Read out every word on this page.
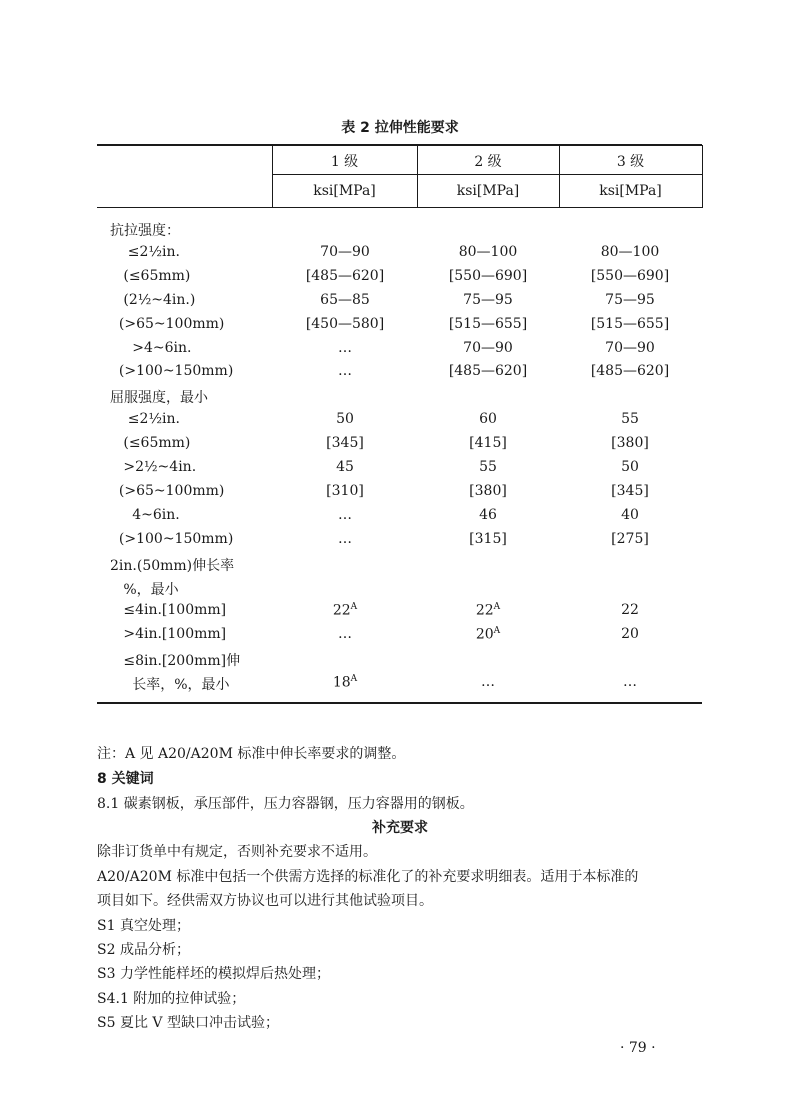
表 2 拉伸性能要求
1 级	2 级	3 级
ksi[MPa]	ksi[MPa]	ksi[MPa]
抗拉强度：
≤2½in.	70—90	80—100	80—100
(≤65mm)	[485—620]	[550—690]	[550—690]
(2½~4in.)	65—85	75—95	75—95
(>65~100mm)	[450—580]	[515—655]	[515—655]
>4~6in.	…	70—90	70—90
(>100~150mm)	…	[485—620]	[485—620]
屈服强度，最小
≤2½in.	50	60	55
(≤65mm)	[345]	[415]	[380]
>2½~4in.	45	55	50
(>65~100mm)	[310]	[380]	[345]
4~6in.	…	46	40
(>100~150mm)	…	[315]	[275]
2in.(50mm)伸长率
%，最小
≤4in.[100mm]	$22^A$	$22^A$	22
>4in.[100mm]	…	$20^A$	20
≤8in.[200mm]伸
长率，%，最小	$18^A$	…	…
注：A 见 A20/A20M 标准中伸长率要求的调整。
8 关键词
8.1 碳素钢板，承压部件，压力容器钢，压力容器用的钢板。
补充要求
除非订货单中有规定，否则补充要求不适用。
A20/A20M 标准中包括一个供需方选择的标准化了的补充要求明细表。适用于本标准的
项目如下。经供需双方协议也可以进行其他试验项目。
S1 真空处理；
S2 成品分析；
S3 力学性能样坯的模拟焊后热处理；
S4.1 附加的拉伸试验；
S5 夏比 V 型缺口冲击试验；
· 79 ·
